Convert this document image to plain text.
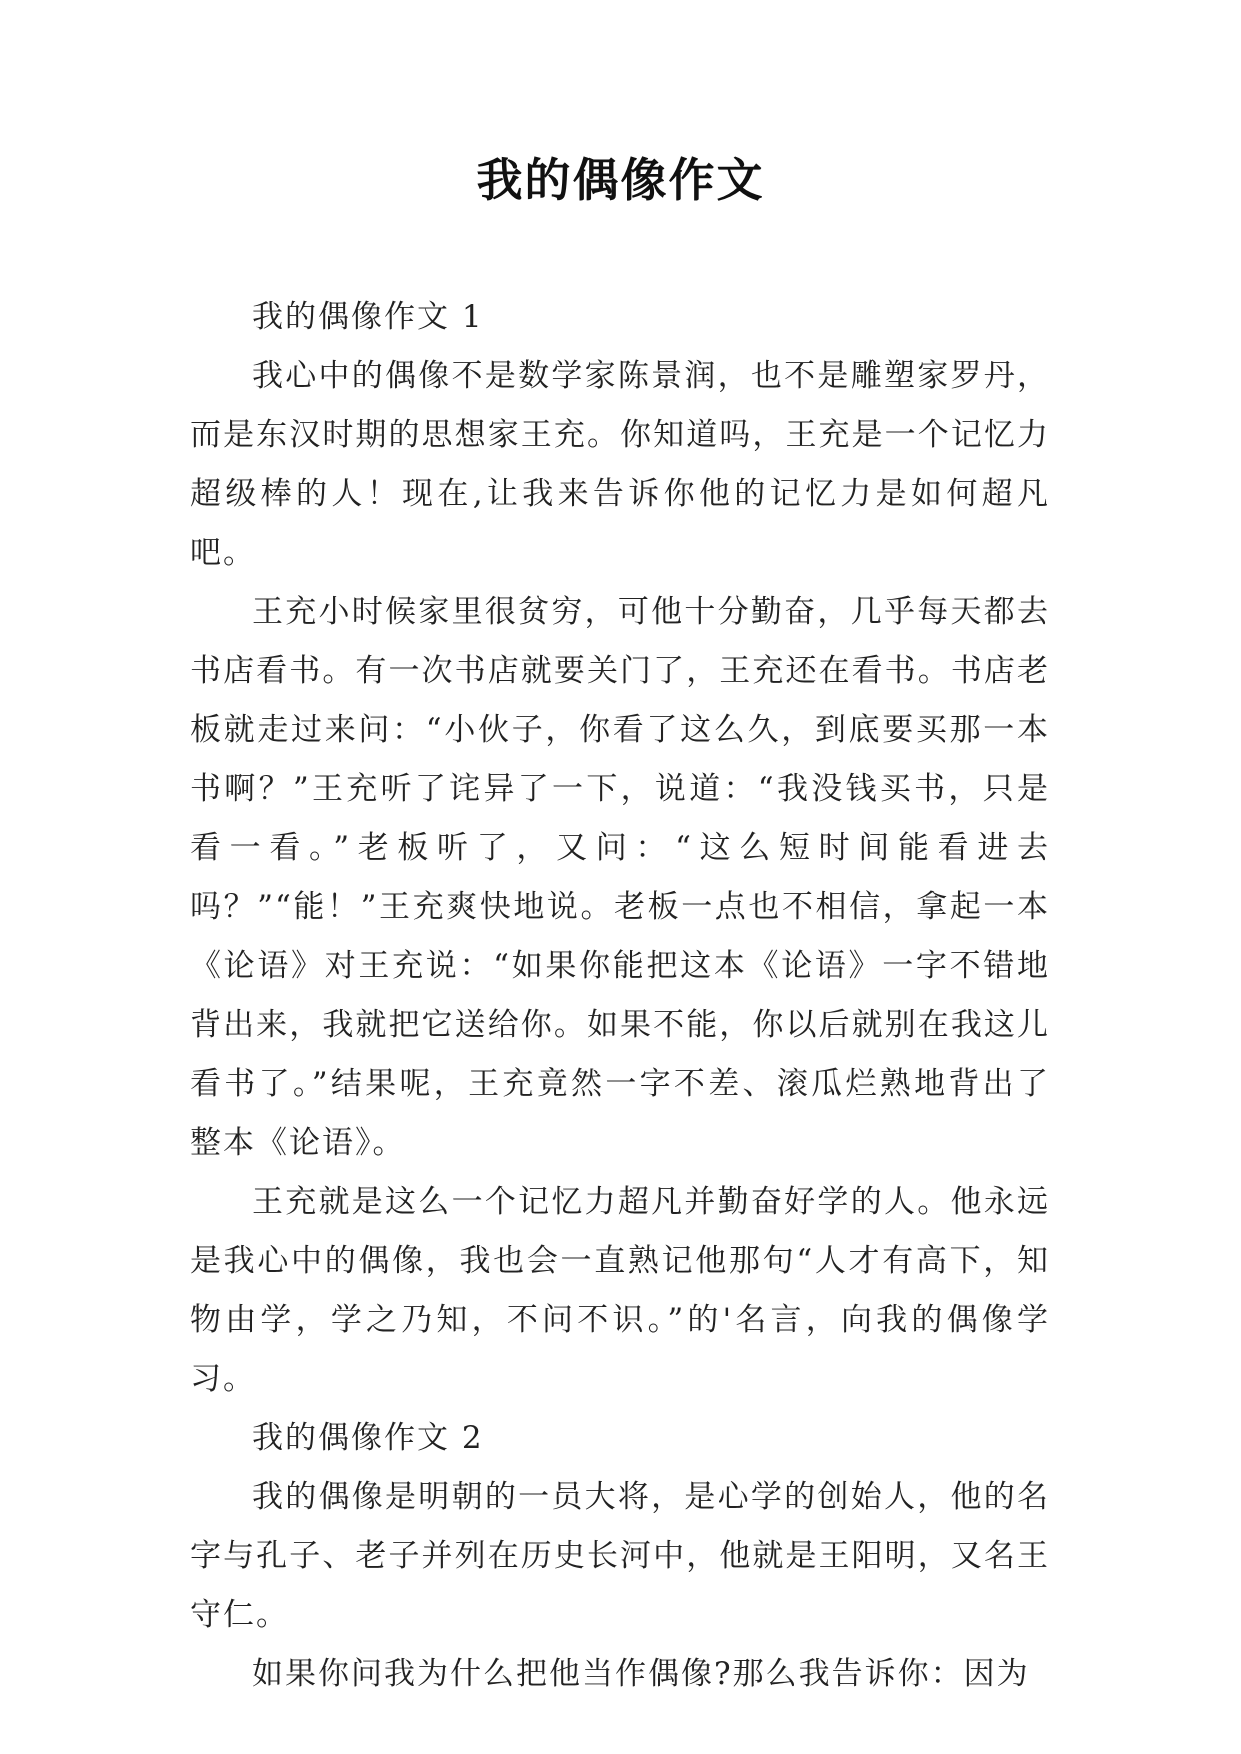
我的偶像作文

我的偶像作文 1

我心中的偶像不是数学家陈景润，也不是雕塑家罗丹，而是东汉时期的思想家王充。你知道吗，王充是一个记忆力超级棒的人！现在,让我来告诉你他的记忆力是如何超凡吧。

王充小时候家里很贫穷，可他十分勤奋，几乎每天都去书店看书。有一次书店就要关门了，王充还在看书。书店老板就走过来问：“小伙子，你看了这么久，到底要买那一本书啊？”王充听了诧异了一下，说道：“我没钱买书，只是看一看。”老板听了，又问：“这么短时间能看进去吗？”“能！”王充爽快地说。老板一点也不相信，拿起一本《论语》对王充说：“如果你能把这本《论语》一字不错地背出来，我就把它送给你。如果不能，你以后就别在我这儿看书了。”结果呢，王充竟然一字不差、滚瓜烂熟地背出了整本《论语》。

王充就是这么一个记忆力超凡并勤奋好学的人。他永远是我心中的偶像，我也会一直熟记他那句“人才有高下，知物由学，学之乃知，不问不识。”的'名言，向我的偶像学习。

我的偶像作文 2

我的偶像是明朝的一员大将，是心学的创始人，他的名字与孔子、老子并列在历史长河中，他就是王阳明，又名王守仁。

如果你问我为什么把他当作偶像?那么我告诉你：因为
